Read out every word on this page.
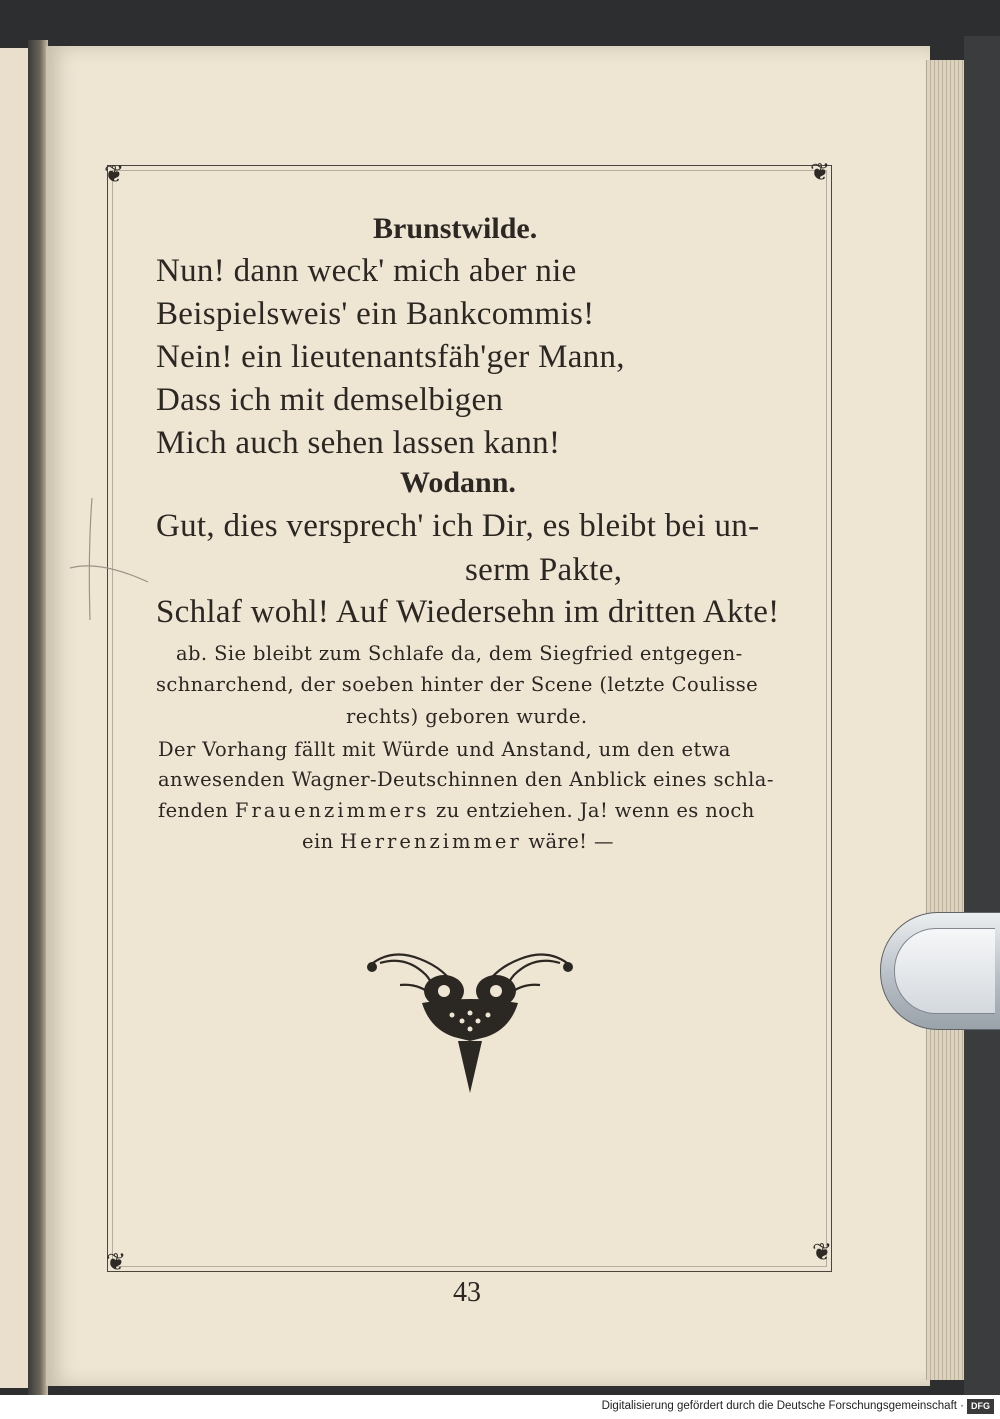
❦	❦
❦	❦
Brunstwilde.
Nun! dann weck' mich aber nie
Beispielsweis' ein Bankcommis!
Nein! ein lieutenantsfäh'ger Mann,
Dass ich mit demselbigen
Mich auch sehen lassen kann!
Wodann.
Gut, dies versprech' ich Dir, es bleibt bei un-
serm Pakte,
Schlaf wohl! Auf Wiedersehn im dritten Akte!
ab. Sie bleibt zum Schlafe da, dem Siegfried entgegen-
schnarchend, der soeben hinter der Scene (letzte Coulisse
rechts) geboren wurde.
Der Vorhang fällt mit Würde und Anstand, um den etwa
anwesenden Wagner-Deutschinnen den Anblick eines schla-
fenden Frauenzimmers zu entziehen. Ja! wenn es noch
ein Herrenzimmer wäre! —
43
Digitalisierung gefördert durch die Deutsche Forschungsgemeinschaft · DFG
